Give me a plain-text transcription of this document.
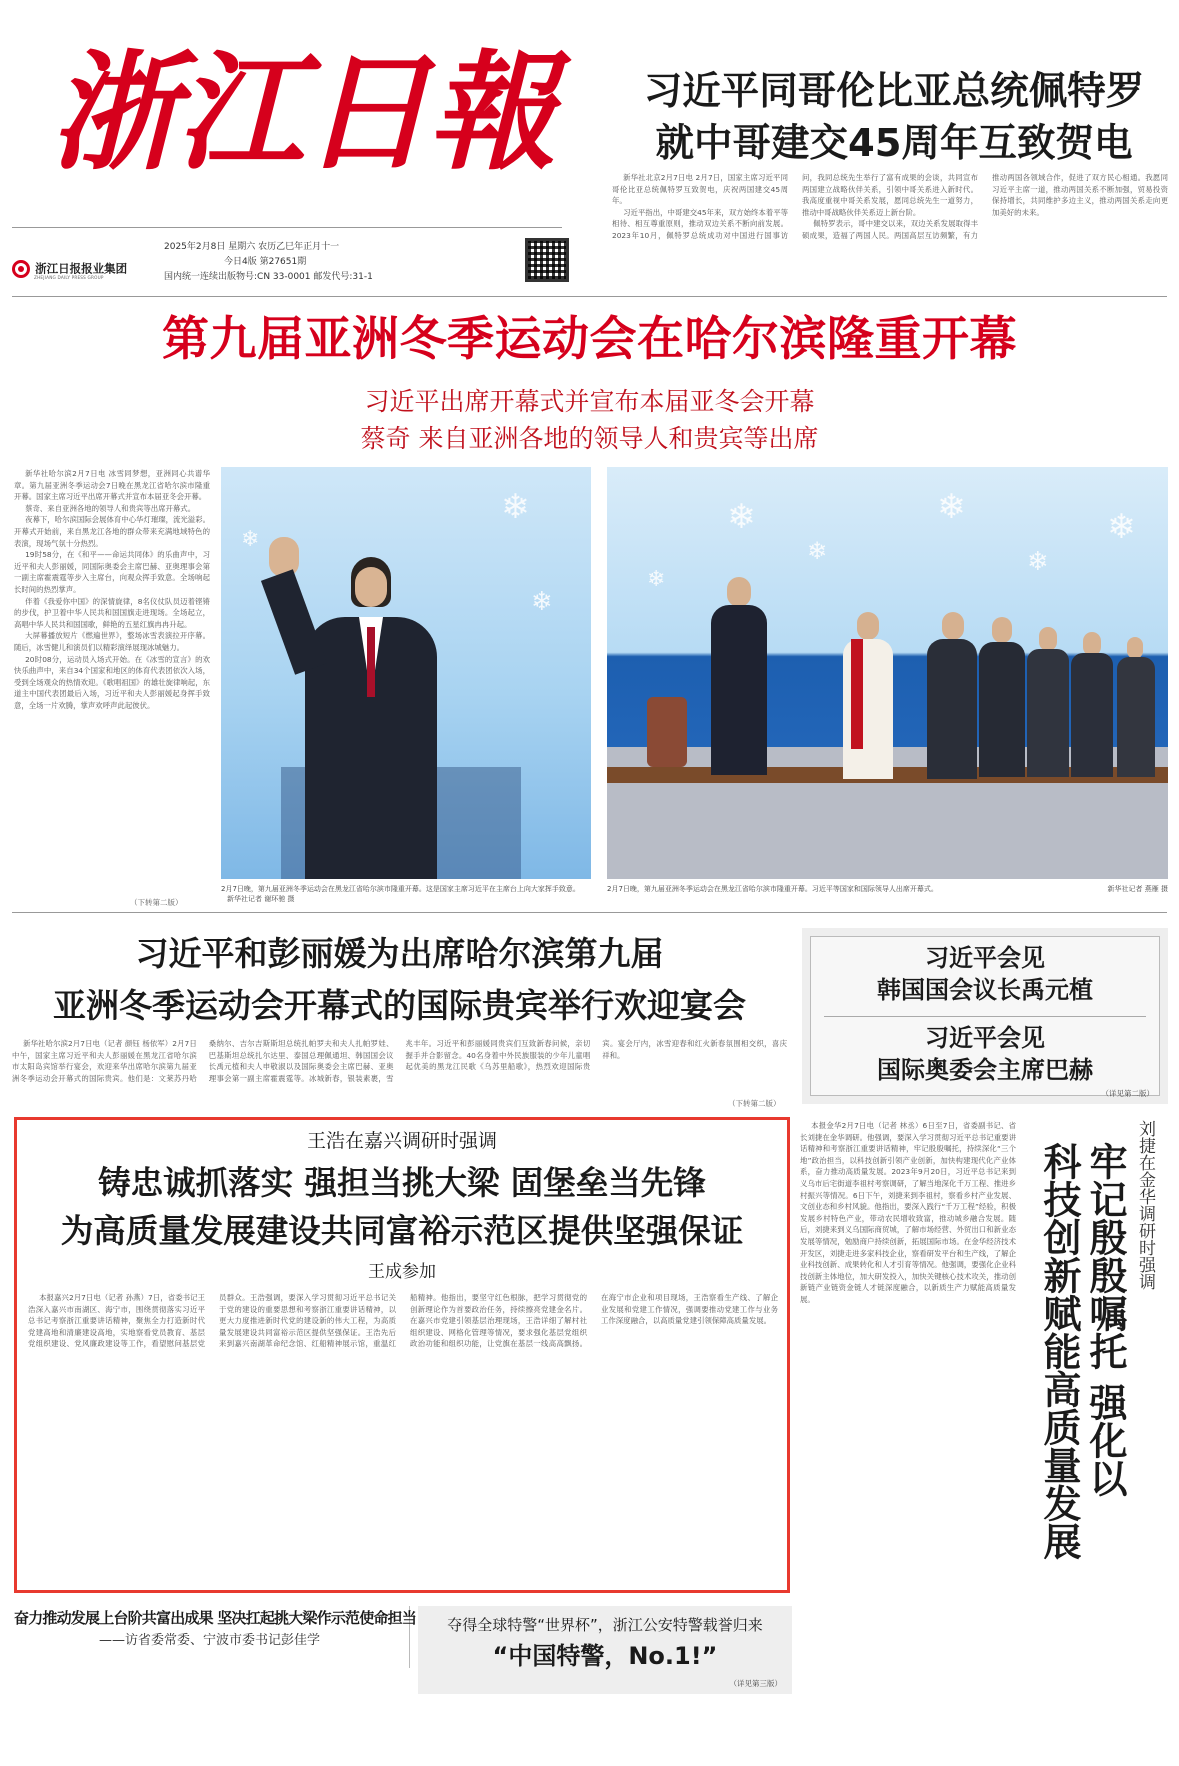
浙江日報
浙江日报报业集团
ZHEJIANG DAILY PRESS GROUP
2025年2月8日 星期六 农历乙巳年正月十一
今日4版 第27651期
国内统一连续出版物号:CN 33-0001 邮发代号:31-1
习近平同哥伦比亚总统佩特罗
就中哥建交45周年互致贺电

新华社北京2月7日电 2月7日，国家主席习近平同哥伦比亚总统佩特罗互致贺电，庆祝两国建交45周年。

习近平指出，中哥建交45年来，双方始终本着平等相待、相互尊重原则，推动双边关系不断向前发展。2023年10月，佩特罗总统成功对中国进行国事访问，我同总统先生举行了富有成果的会谈，共同宣布两国建立战略伙伴关系，引领中哥关系进入新时代。我高度重视中哥关系发展，愿同总统先生一道努力，推动中哥战略伙伴关系迈上新台阶。

佩特罗表示，哥中建交以来，双边关系发展取得丰硕成果，造福了两国人民。两国高层互访频繁，有力推动两国各领域合作，促进了双方民心相通。我愿同习近平主席一道，推动两国关系不断加强，贸易投资保持增长，共同维护多边主义，推动两国关系走向更加美好的未来。

第九届亚洲冬季运动会在哈尔滨隆重开幕
习近平出席开幕式并宣布本届亚冬会开幕
蔡奇 来自亚洲各地的领导人和贵宾等出席

新华社哈尔滨2月7日电 冰雪同梦想，亚洲同心共谱华章。第九届亚洲冬季运动会7日晚在黑龙江省哈尔滨市隆重开幕。国家主席习近平出席开幕式并宣布本届亚冬会开幕。

蔡奇、来自亚洲各地的领导人和贵宾等出席开幕式。

夜幕下，哈尔滨国际会展体育中心华灯璀璨，流光溢彩。开幕式开始前，来自黑龙江各地的群众带来充满地域特色的表演，现场气氛十分热烈。

19时58分，在《和平——命运共同体》的乐曲声中，习近平和夫人彭丽媛，同国际奥委会主席巴赫、亚奥理事会第一副主席霍震霆等步入主席台，向观众挥手致意。全场响起长时间的热烈掌声。

伴着《我爱你中国》的深情旋律，8名仪仗队员迈着铿锵的步伐，护卫着中华人民共和国国旗走进现场。全场起立，高唱中华人民共和国国歌，鲜艳的五星红旗冉冉升起。

大屏幕播放短片《燃遍世界》，整场冰雪表演拉开序幕。随后，冰雪健儿和演员们以精彩演绎展现冰城魅力。

20时08分，运动员入场式开始。在《冰雪的宣言》的欢快乐曲声中，来自34个国家和地区的体育代表团依次入场，受到全场观众的热情欢迎。《歌唱祖国》的雄壮旋律响起，东道主中国代表团最后入场，习近平和夫人彭丽媛起身挥手致意，全场一片欢腾，掌声欢呼声此起彼伏。

（下转第二版）
❄
❄
❄
2月7日晚，第九届亚洲冬季运动会在黑龙江省哈尔滨市隆重开幕。这是国家主席习近平在主席台上向大家挥手致意。 新华社记者 谢环驰 摄
❄
❄
❄
❄
❄
❄
2月7日晚，第九届亚洲冬季运动会在黑龙江省哈尔滨市隆重开幕。习近平等国家和国际领导人出席开幕式。	新华社记者 燕雁 摄
习近平和彭丽媛为出席哈尔滨第九届
亚洲冬季运动会开幕式的国际贵宾举行欢迎宴会

新华社哈尔滨2月7日电（记者 颜钰 杨依军）2月7日中午，国家主席习近平和夫人彭丽媛在黑龙江省哈尔滨市太阳岛宾馆举行宴会，欢迎来华出席哈尔滨第九届亚洲冬季运动会开幕式的国际贵宾。他们是：文莱苏丹哈桑纳尔、吉尔吉斯斯坦总统扎帕罗夫和夫人扎帕罗娃、巴基斯坦总统扎尔达里、泰国总理佩通坦、韩国国会议长禹元植和夫人申敬淑以及国际奥委会主席巴赫、亚奥理事会第一副主席霍震霆等。冰城新春，银装素裹，雪兆丰年。习近平和彭丽媛同贵宾们互致新春问候，亲切握手并合影留念。40名身着中外民族服装的少年儿童唱起优美的黑龙江民歌《乌苏里船歌》，热烈欢迎国际贵宾。宴会厅内，冰雪迎春和红火新春氛围相交织，喜庆祥和。

（下转第二版）
习近平会见
韩国国会议长禹元植
习近平会见
国际奥委会主席巴赫
（详见第二版）
王浩在嘉兴调研时强调
铸忠诚抓落实 强担当挑大梁 固堡垒当先锋
为高质量发展建设共同富裕示范区提供坚强保证
王成参加

本报嘉兴2月7日电（记者 孙燕）7日，省委书记王浩深入嘉兴市南湖区、海宁市，围绕贯彻落实习近平总书记考察浙江重要讲话精神，聚焦全力打造新时代党建高地和清廉建设高地，实地察看党员教育、基层党组织建设、党风廉政建设等工作，看望慰问基层党员群众。王浩强调，要深入学习贯彻习近平总书记关于党的建设的重要思想和考察浙江重要讲话精神，以更大力度推进新时代党的建设新的伟大工程，为高质量发展建设共同富裕示范区提供坚强保证。王浩先后来到嘉兴南湖革命纪念馆、红船精神展示馆，重温红船精神。他指出，要坚守红色根脉，把学习贯彻党的创新理论作为首要政治任务，持续擦亮党建金名片。在嘉兴市党建引领基层治理现场，王浩详细了解村社组织建设、网格化管理等情况，要求强化基层党组织政治功能和组织功能，让党旗在基层一线高高飘扬。在海宁市企业和项目现场，王浩察看生产线、了解企业发展和党建工作情况，强调要推动党建工作与业务工作深度融合，以高质量党建引领保障高质量发展。

本报金华2月7日电（记者 林丞）6日至7日，省委副书记、省长刘捷在金华调研。他强调，要深入学习贯彻习近平总书记重要讲话精神和考察浙江重要讲话精神，牢记殷殷嘱托，持续深化“三个地”政治担当，以科技创新引领产业创新，加快构建现代化产业体系，奋力推动高质量发展。2023年9月20日，习近平总书记来到义乌市后宅街道李祖村考察调研，了解当地深化千万工程、推进乡村振兴等情况。6日下午，刘捷来到李祖村，察看乡村产业发展、文创业态和乡村风貌。他指出，要深入践行“千万工程”经验，积极发展乡村特色产业，带动农民增收致富，推动城乡融合发展。随后，刘捷来到义乌国际商贸城，了解市场经营、外贸出口和新业态发展等情况，勉励商户持续创新，拓展国际市场。在金华经济技术开发区，刘捷走进多家科技企业，察看研发平台和生产线，了解企业科技创新、成果转化和人才引育等情况。他强调，要强化企业科技创新主体地位，加大研发投入，加快关键核心技术攻关，推动创新链产业链资金链人才链深度融合，以新质生产力赋能高质量发展。

刘捷在金华调研时强调
牢记殷殷嘱托 强化以
科技创新赋能高质量发展
奋力推动发展上台阶共富出成果 坚决扛起挑大梁作示范使命担当
——访省委常委、宁波市委书记彭佳学
夺得全球特警“世界杯”，浙江公安特警载誉归来
“中国特警，No.1!”
（详见第三版）
